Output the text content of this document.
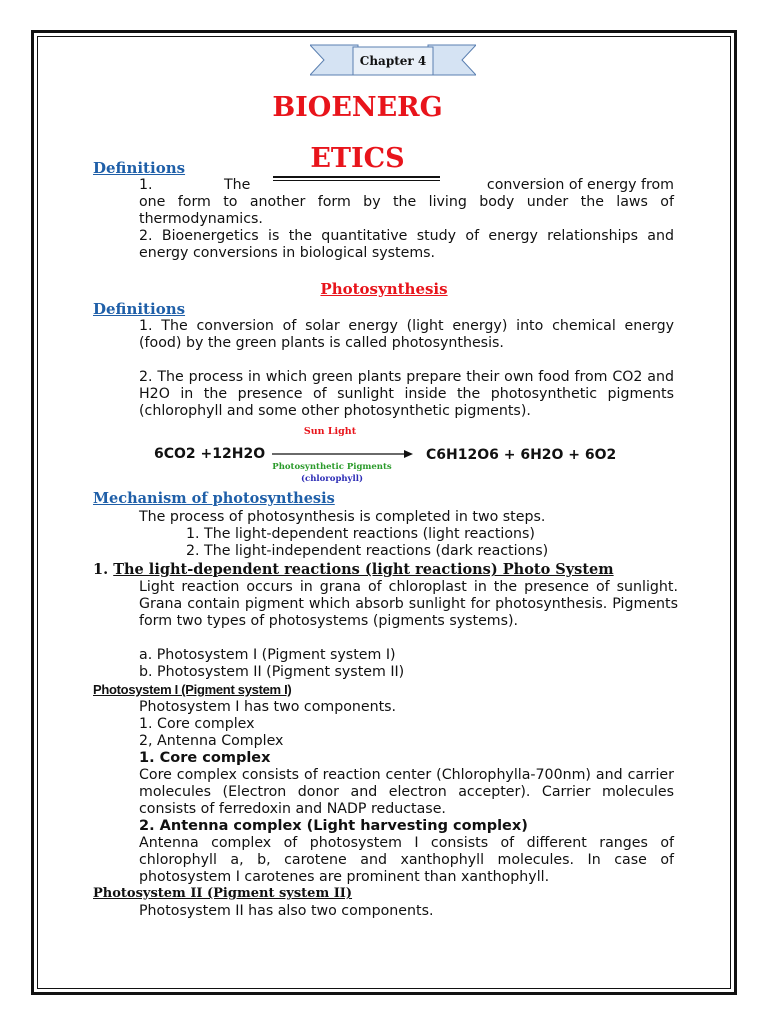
Chapter 4
BIOENERG
ETICS
Definitions
1.	The	conversion of energy from
one form to another form by the living body under the laws of thermodynamics.
2. Bioenergetics is the quantitative study of energy relationships and energy conversions in biological systems.
Photosynthesis
Definitions
1. The conversion of solar energy (light energy) into chemical energy (food) by the green plants is called photosynthesis.
2. The process in which green plants prepare their own food from CO2 and H2O in the presence of sunlight inside the photosynthetic pigments (chlorophyll and some other photosynthetic pigments).
6CO2 +12H2O
Sun Light
Photosynthetic Pigments
(chlorophyll)
C6H12O6 + 6H2O + 6O2
Mechanism of photosynthesis
The process of photosynthesis is completed in two steps.
1. The light-dependent reactions (light reactions)
2. The light-independent reactions (dark reactions)
1. The light-dependent reactions (light reactions) Photo System
Light reaction occurs in grana of chloroplast in the presence of sunlight. Grana contain pigment which absorb sunlight for photosynthesis. Pigments form two types of photosystems (pigments systems).
a. Photosystem I (Pigment system I)
b. Photosystem II (Pigment system II)
Photosystem I (Pigment system I)
Photosystem I has two components.
1. Core complex
2, Antenna Complex
1. Core complex
Core complex consists of reaction center (Chlorophylla-700nm) and carrier molecules (Electron donor and electron accepter). Carrier molecules consists of ferredoxin and NADP reductase.
2. Antenna complex (Light harvesting complex)
Antenna complex of photosystem I consists of different ranges of chlorophyll a, b, carotene and xanthophyll molecules. In case of photosystem I carotenes are prominent than xanthophyll.
Photosystem II (Pigment system II)
Photosystem II has also two components.
